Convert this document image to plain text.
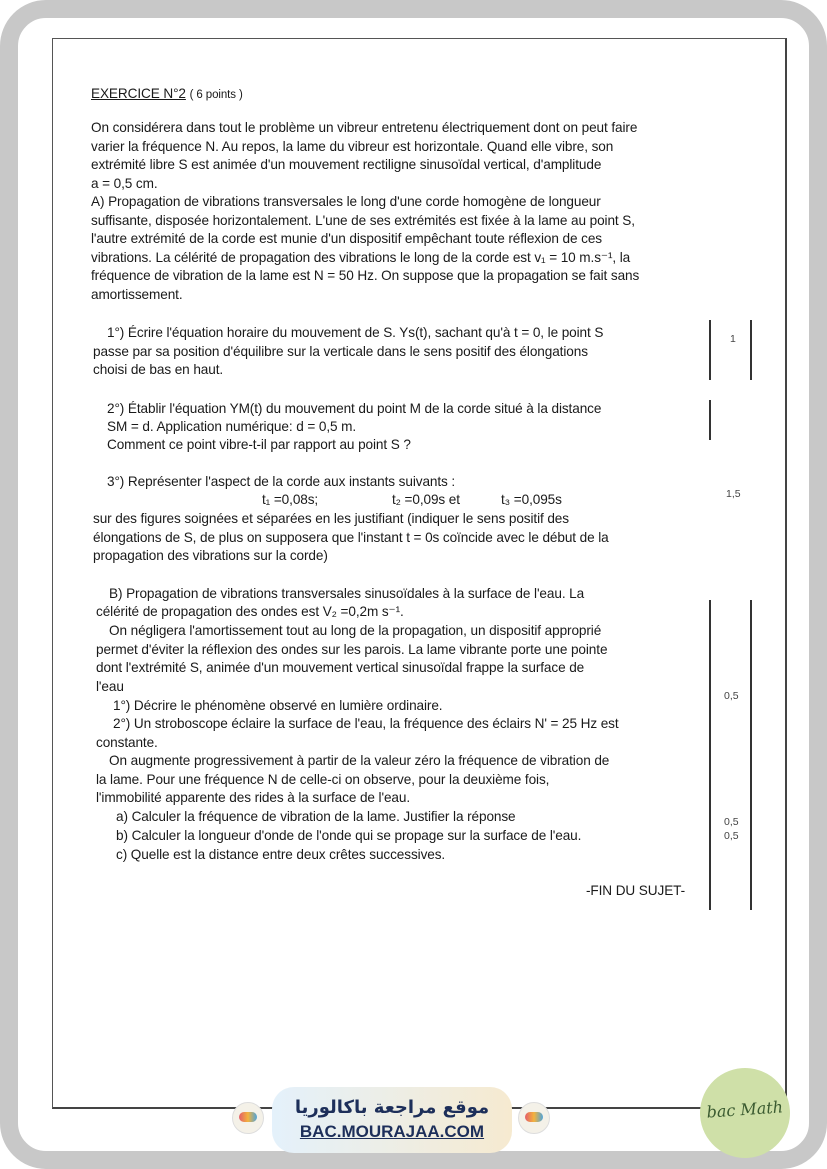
EXERCICE N°2 ( 6 points )
On considérera dans tout le problème un vibreur entretenu électriquement dont on peut faire
varier la fréquence N. Au repos, la lame du vibreur est horizontale. Quand elle vibre, son
extrémité libre S est animée d'un mouvement rectiligne sinusoïdal vertical, d'amplitude
a = 0,5 cm.
A) Propagation de vibrations transversales le long d'une corde homogène de longueur
suffisante, disposée horizontalement. L'une de ses extrémités est fixée à la lame au point S,
l'autre extrémité de la corde est munie d'un dispositif empêchant toute réflexion de ces
vibrations. La célérité de propagation des vibrations le long de la corde est v₁ = 10 m.s⁻¹, la
fréquence de vibration de la lame est N = 50 Hz. On suppose que la propagation se fait sans
amortissement.
1°) Écrire l'équation horaire du mouvement de S. Ys(t), sachant qu'à t = 0, le point S
passe par sa position d'équilibre sur la verticale dans le sens positif des élongations
choisi de bas en haut.
2°) Établir l'équation YM(t) du mouvement du point M de la corde situé à la distance
SM = d. Application numérique: d = 0,5 m.
Comment ce point vibre-t-il par rapport au point S ?
3°) Représenter l'aspect de la corde aux instants suivants :
t₁ =0,08s;	t₂ =0,09s et	t₃ =0,095s
sur des figures soignées et séparées en les justifiant (indiquer le sens positif des
élongations de S, de plus on supposera que l'instant t = 0s coïncide avec le début de la
propagation des vibrations sur la corde)
B) Propagation de vibrations transversales sinusoïdales à la surface de l'eau. La
célérité de propagation des ondes est V₂ =0,2m s⁻¹.
On négligera l'amortissement tout au long de la propagation, un dispositif approprié
permet d'éviter la réflexion des ondes sur les parois. La lame vibrante porte une pointe
dont l'extrémité S, animée d'un mouvement vertical sinusoïdal frappe la surface de
l'eau
1°) Décrire le phénomène observé en lumière ordinaire.
2°) Un stroboscope éclaire la surface de l'eau, la fréquence des éclairs N' = 25 Hz est
constante.
On augmente progressivement à partir de la valeur zéro la fréquence de vibration de
la lame. Pour une fréquence N de celle-ci on observe, pour la deuxième fois,
l'immobilité apparente des rides à la surface de l'eau.
a) Calculer la fréquence de vibration de la lame. Justifier la réponse
b) Calculer la longueur d'onde de l'onde qui se propage sur la surface de l'eau.
c) Quelle est la distance entre deux crêtes successives.
-FIN DU SUJET-
1
1,5
0,5
0,5
0,5
موقع مراجعة باكالوريا
BAC.MOURAJAA.COM
bac Math
